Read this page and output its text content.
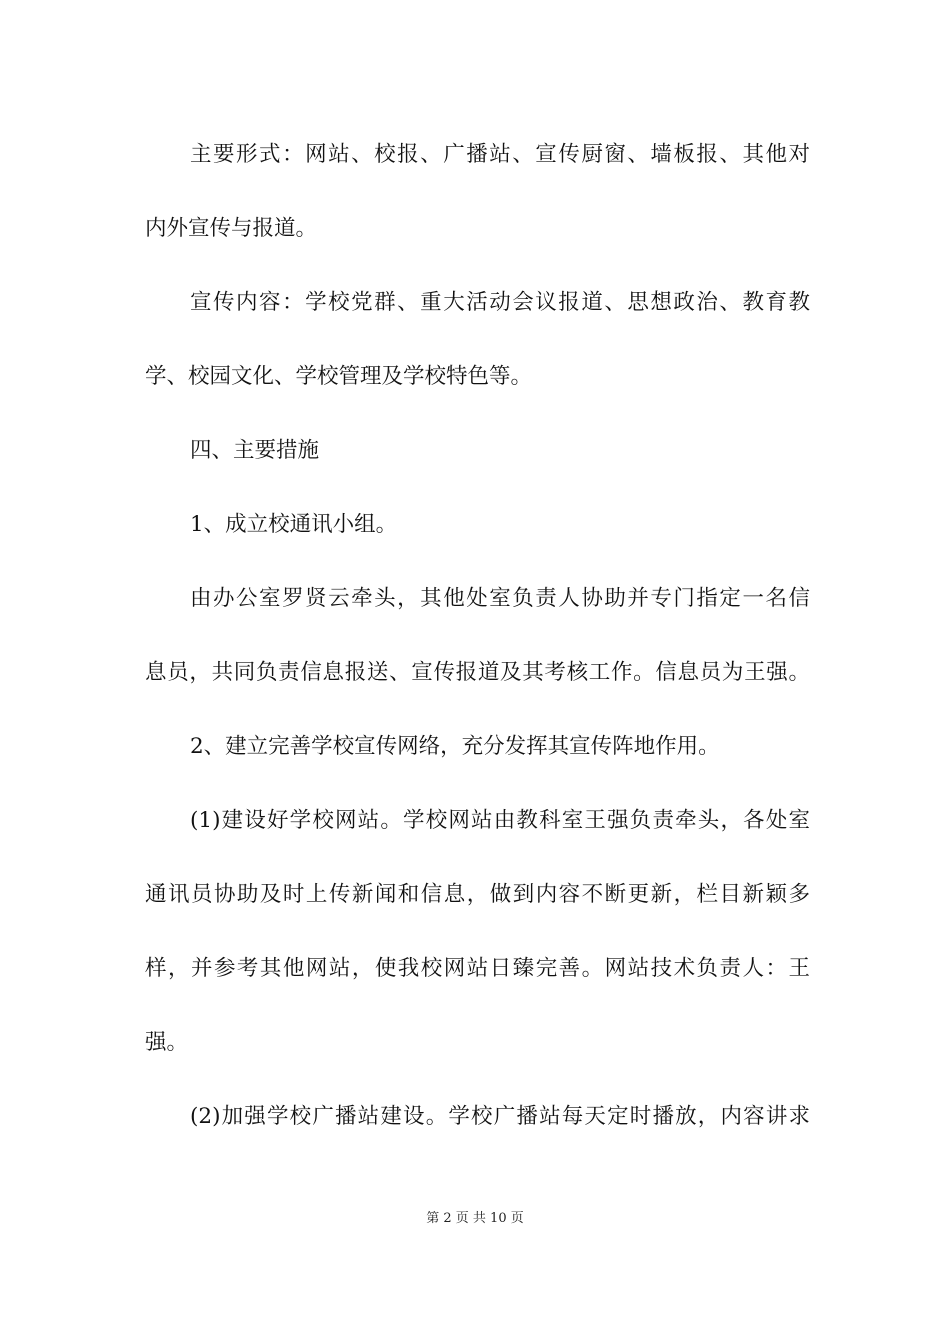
主要形式：网站、校报、广播站、宣传厨窗、墙板报、其他对
内外宣传与报道。
宣传内容：学校党群、重大活动会议报道、思想政治、教育教
学、校园文化、学校管理及学校特色等。
四、主要措施
1、成立校通讯小组。
由办公室罗贤云牵头，其他处室负责人协助并专门指定一名信
息员，共同负责信息报送、宣传报道及其考核工作。信息员为王强。
2、建立完善学校宣传网络，充分发挥其宣传阵地作用。
(1)建设好学校网站。学校网站由教科室王强负责牵头，各处室
通讯员协助及时上传新闻和信息，做到内容不断更新，栏目新颖多
样，并参考其他网站，使我校网站日臻完善。网站技术负责人：王
强。
(2)加强学校广播站建设。学校广播站每天定时播放，内容讲求
第 2 页 共 10 页
